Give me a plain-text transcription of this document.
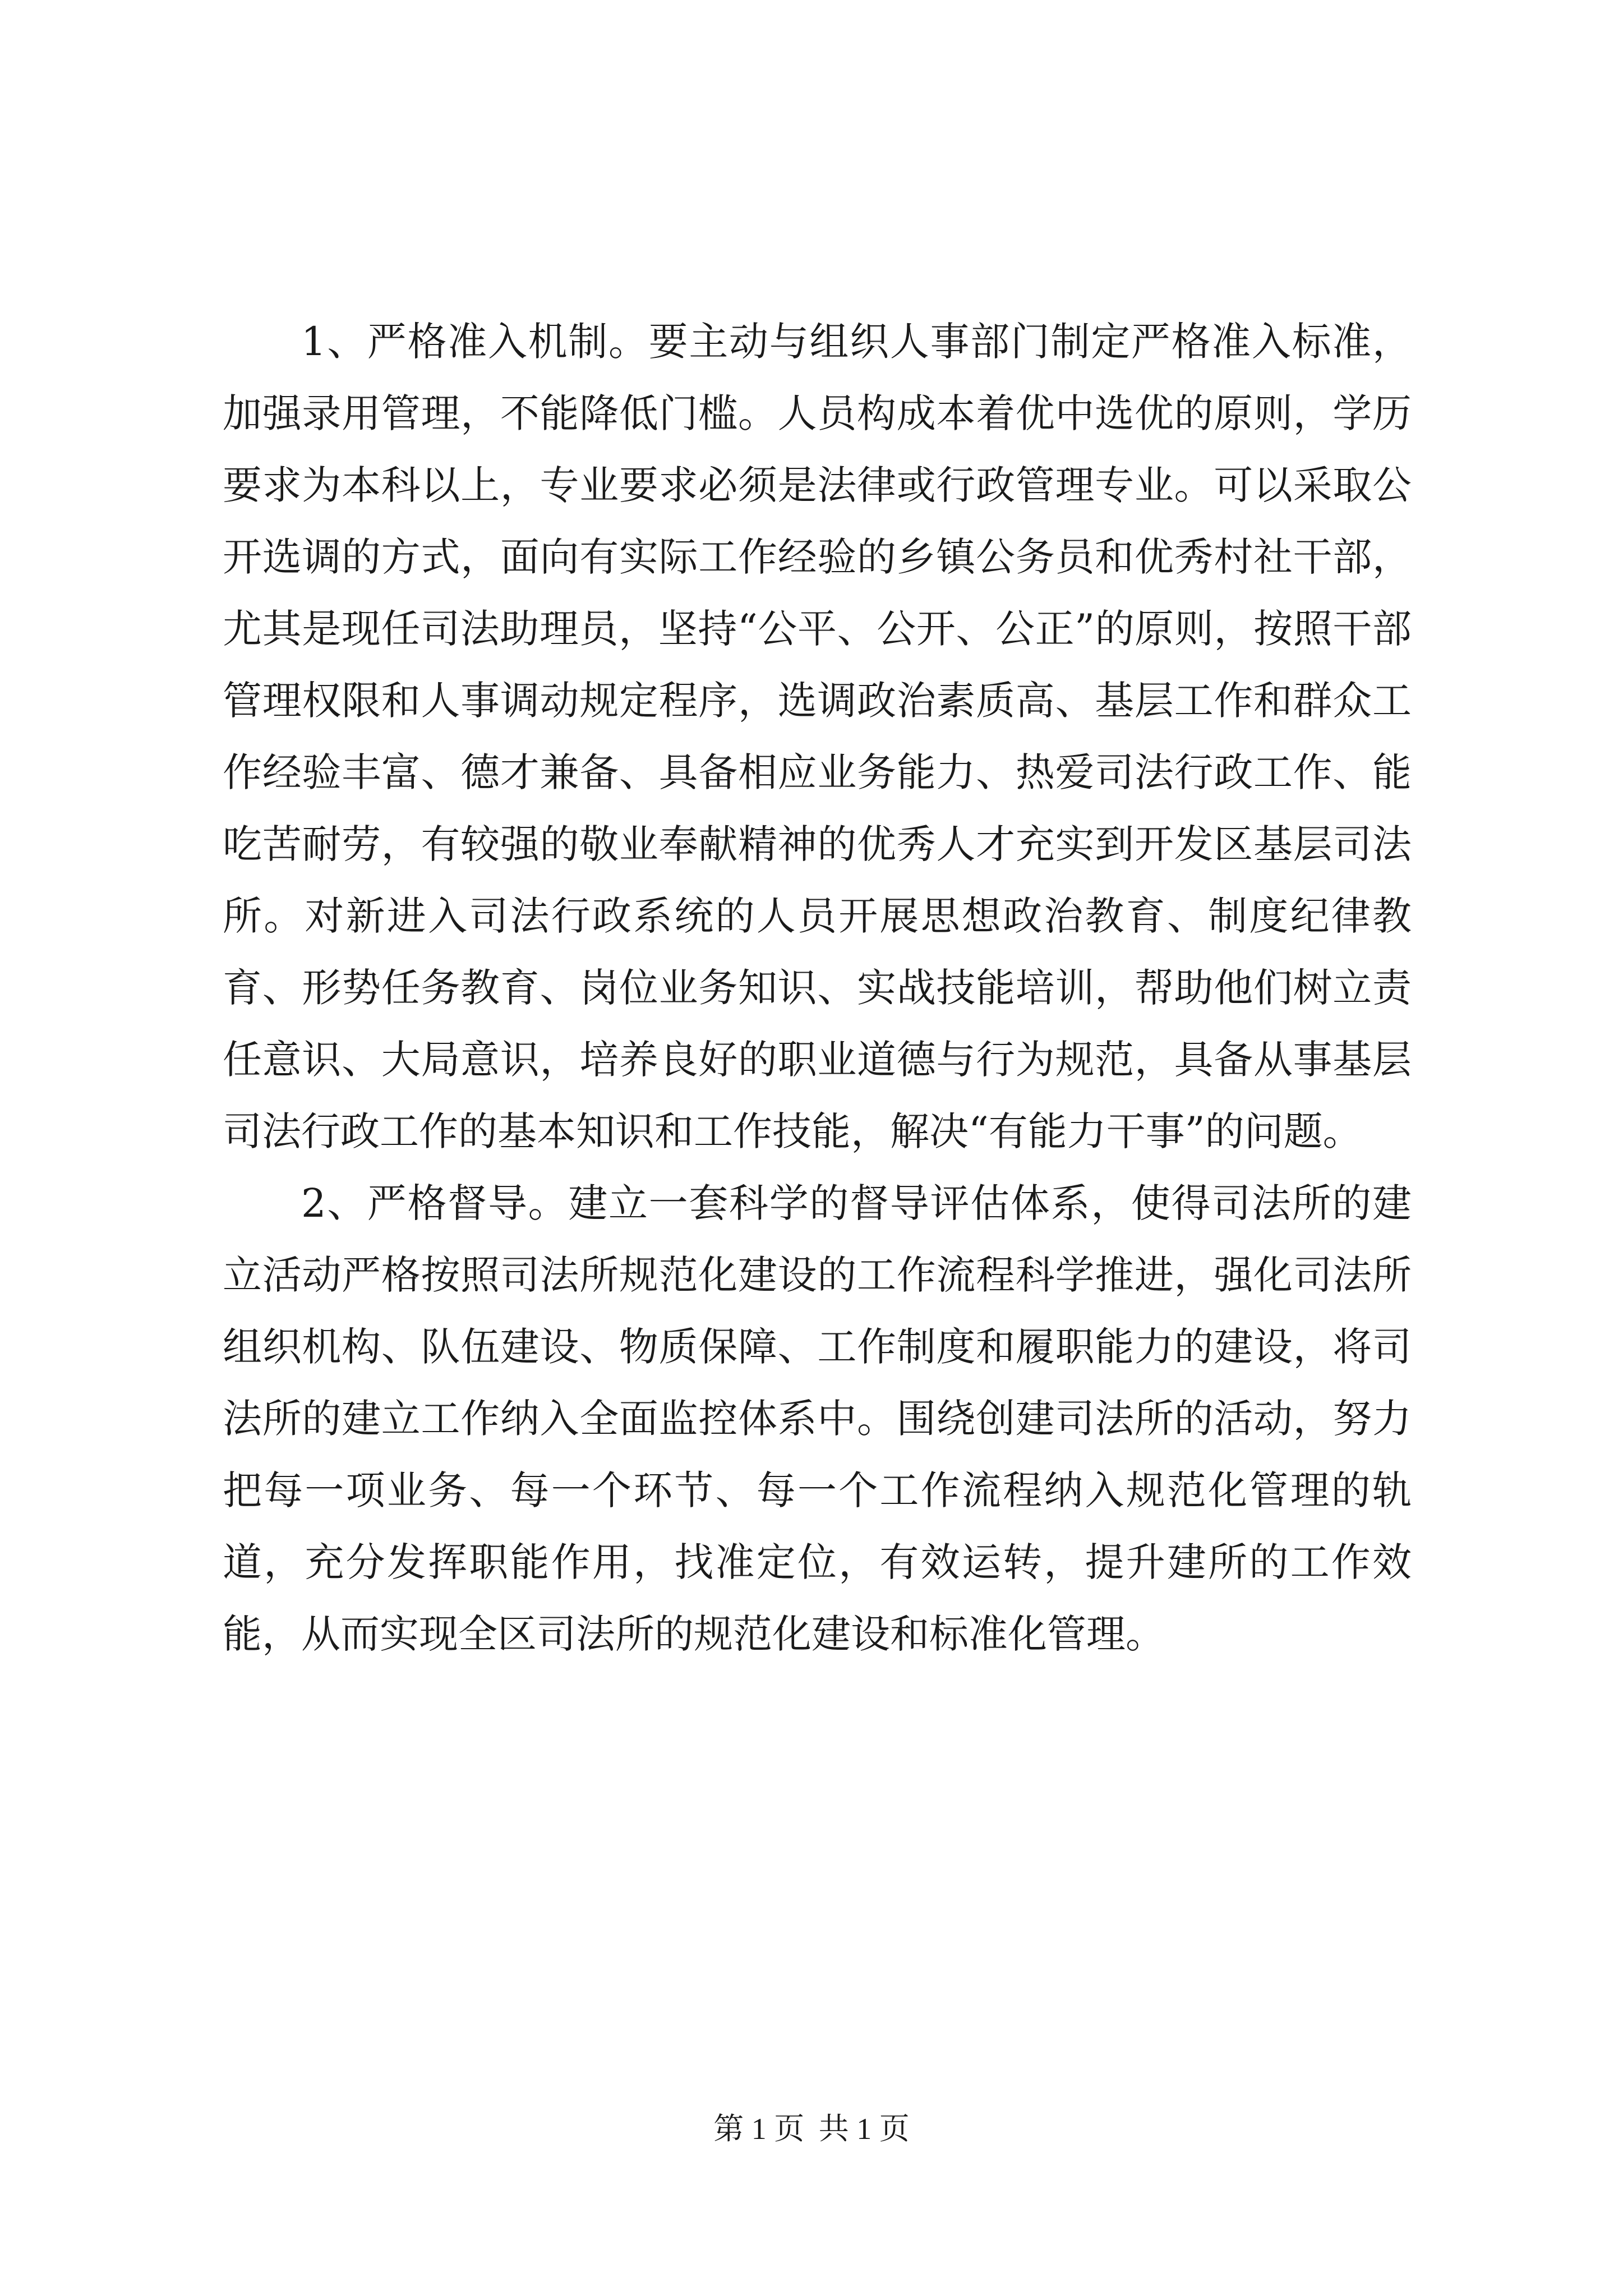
1、严格准入机制。要主动与组织人事部门制定严格准入标准，加强录用管理，不能降低门槛。人员构成本着优中选优的原则，学历要求为本科以上，专业要求必须是法律或行政管理专业。可以采取公开选调的方式，面向有实际工作经验的乡镇公务员和优秀村社干部，尤其是现任司法助理员，坚持“公平、公开、公正”的原则，按照干部管理权限和人事调动规定程序，选调政治素质高、基层工作和群众工作经验丰富、德才兼备、具备相应业务能力、热爱司法行政工作、能吃苦耐劳，有较强的敬业奉献精神的优秀人才充实到开发区基层司法所。对新进入司法行政系统的人员开展思想政治教育、制度纪律教育、形势任务教育、岗位业务知识、实战技能培训，帮助他们树立责任意识、大局意识，培养良好的职业道德与行为规范，具备从事基层司法行政工作的基本知识和工作技能，解决“有能力干事”的问题。

2、严格督导。建立一套科学的督导评估体系，使得司法所的建立活动严格按照司法所规范化建设的工作流程科学推进，强化司法所组织机构、队伍建设、物质保障、工作制度和履职能力的建设，将司法所的建立工作纳入全面监控体系中。围绕创建司法所的活动，努力把每一项业务、每一个环节、每一个工作流程纳入规范化管理的轨道，充分发挥职能作用，找准定位，有效运转，提升建所的工作效能，从而实现全区司法所的规范化建设和标准化管理。

第 1 页 共 1 页
